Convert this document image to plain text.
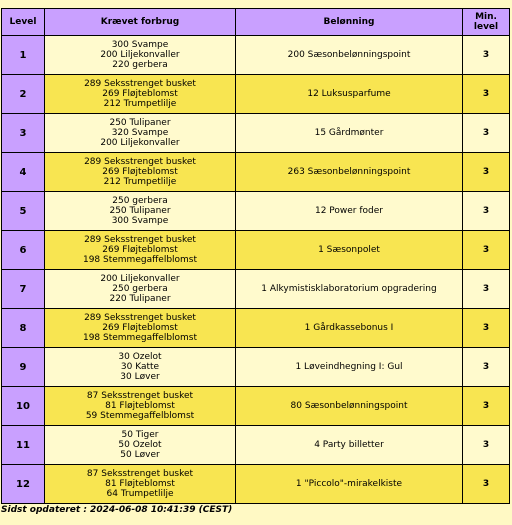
Level	Krævet forbrug	Belønning	Min. level
1	300 Svampe
200 Liljekonvaller
220 gerbera	200 Sæsonbelønningspoint	3
2	289 Seksstrenget busket
269 Fløjteblomst
212 Trumpetlilje	12 Luksusparfume	3
3	250 Tulipaner
320 Svampe
200 Liljekonvaller	15 Gårdmønter	3
4	289 Seksstrenget busket
269 Fløjteblomst
212 Trumpetlilje	263 Sæsonbelønningspoint	3
5	250 gerbera
250 Tulipaner
300 Svampe	12 Power foder	3
6	289 Seksstrenget busket
269 Fløjteblomst
198 Stemmegaffelblomst	1 Sæsonpolet	3
7	200 Liljekonvaller
250 gerbera
220 Tulipaner	1 Alkymistisklaboratorium opgradering	3
8	289 Seksstrenget busket
269 Fløjteblomst
198 Stemmegaffelblomst	1 Gårdkassebonus I	3
9	30 Ozelot
30 Katte
30 Løver	1 Løveindhegning I: Gul	3
10	87 Seksstrenget busket
81 Fløjteblomst
59 Stemmegaffelblomst	80 Sæsonbelønningspoint	3
11	50 Tiger
50 Ozelot
50 Løver	4 Party billetter	3
12	87 Seksstrenget busket
81 Fløjteblomst
64 Trumpetlilje	1 "Piccolo"-mirakelkiste	3
Sidst opdateret : 2024-06-08 10:41:39 (CEST)
